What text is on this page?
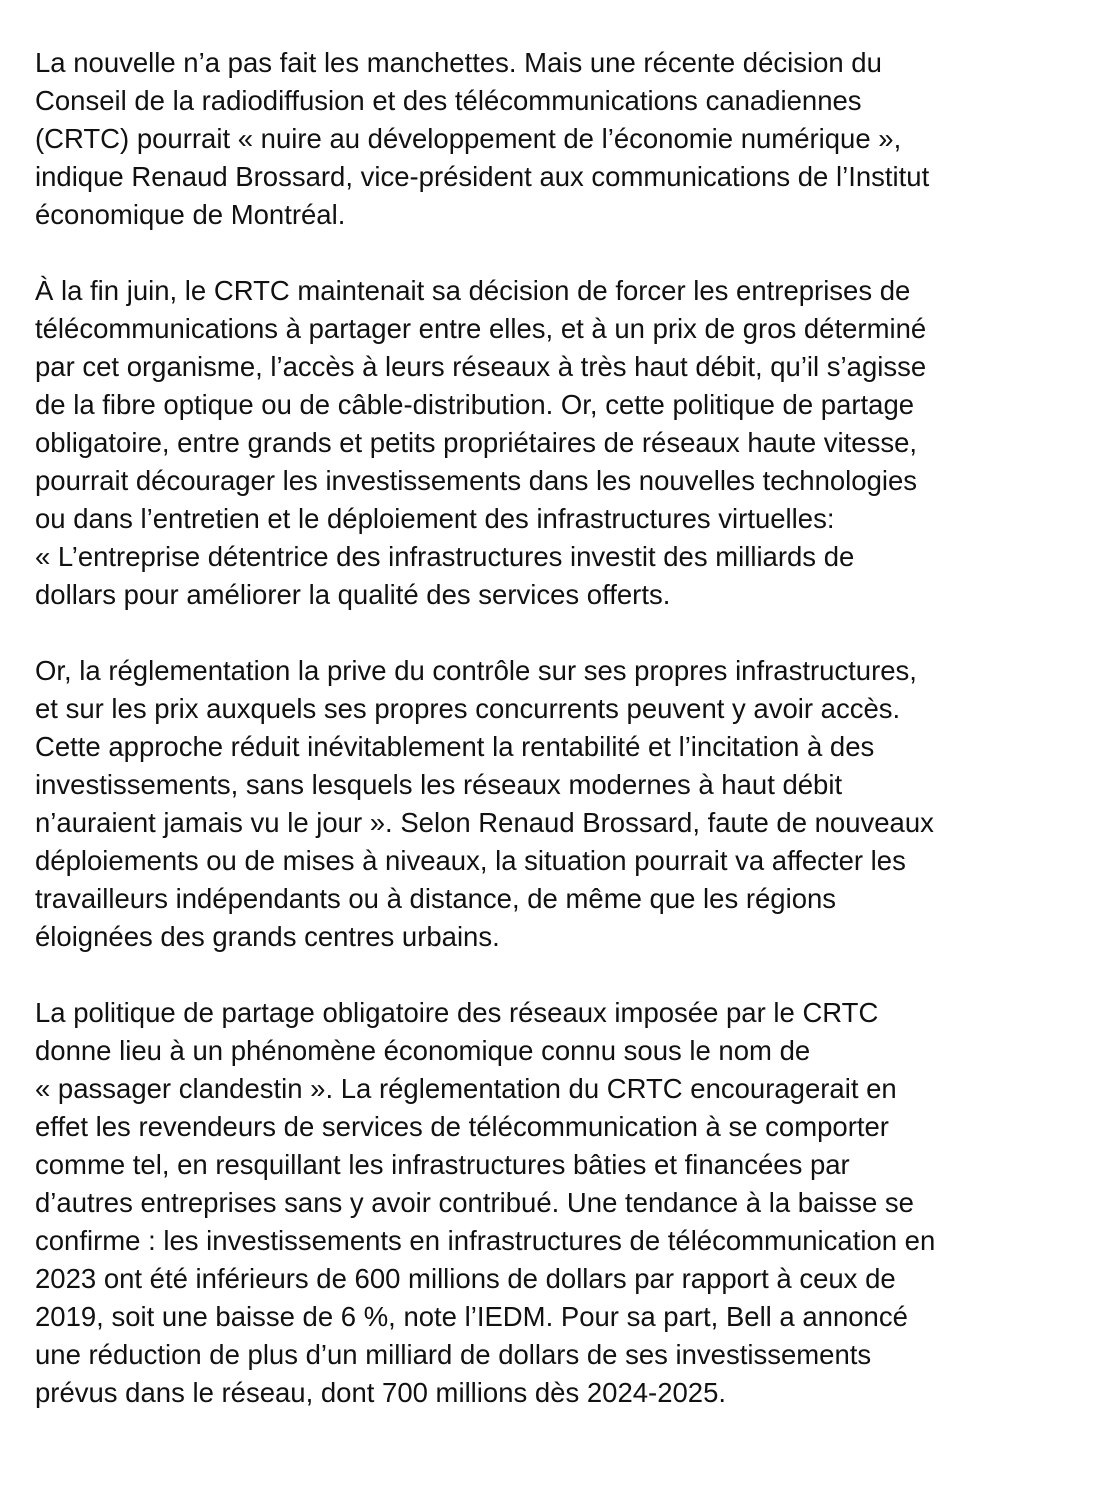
La nouvelle n’a pas fait les manchettes. Mais une récente décision du
Conseil de la radiodiffusion et des télécommunications canadiennes
(CRTC) pourrait « nuire au développement de l’économie numérique »,
indique Renaud Brossard, vice-président aux communications de l’Institut
économique de Montréal.

À la fin juin, le CRTC maintenait sa décision de forcer les entreprises de
télécommunications à partager entre elles, et à un prix de gros déterminé
par cet organisme, l’accès à leurs réseaux à très haut débit, qu’il s’agisse
de la fibre optique ou de câble-distribution. Or, cette politique de partage
obligatoire, entre grands et petits propriétaires de réseaux haute vitesse,
pourrait décourager les investissements dans les nouvelles technologies
ou dans l’entretien et le déploiement des infrastructures virtuelles:
« L’entreprise détentrice des infrastructures investit des milliards de
dollars pour améliorer la qualité des services offerts.

Or, la réglementation la prive du contrôle sur ses propres infrastructures,
et sur les prix auxquels ses propres concurrents peuvent y avoir accès.
Cette approche réduit inévitablement la rentabilité et l’incitation à des
investissements, sans lesquels les réseaux modernes à haut débit
n’auraient jamais vu le jour ». Selon Renaud Brossard, faute de nouveaux
déploiements ou de mises à niveaux, la situation pourrait va affecter les
travailleurs indépendants ou à distance, de même que les régions
éloignées des grands centres urbains.

La politique de partage obligatoire des réseaux imposée par le CRTC
donne lieu à un phénomène économique connu sous le nom de
« passager clandestin ». La réglementation du CRTC encouragerait en
effet les revendeurs de services de télécommunication à se comporter
comme tel, en resquillant les infrastructures bâties et financées par
d’autres entreprises sans y avoir contribué. Une tendance à la baisse se
confirme : les investissements en infrastructures de télécommunication en
2023 ont été inférieurs de 600 millions de dollars par rapport à ceux de
2019, soit une baisse de 6 %, note l’IEDM. Pour sa part, Bell a annoncé
une réduction de plus d’un milliard de dollars de ses investissements
prévus dans le réseau, dont 700 millions dès 2024-2025.
